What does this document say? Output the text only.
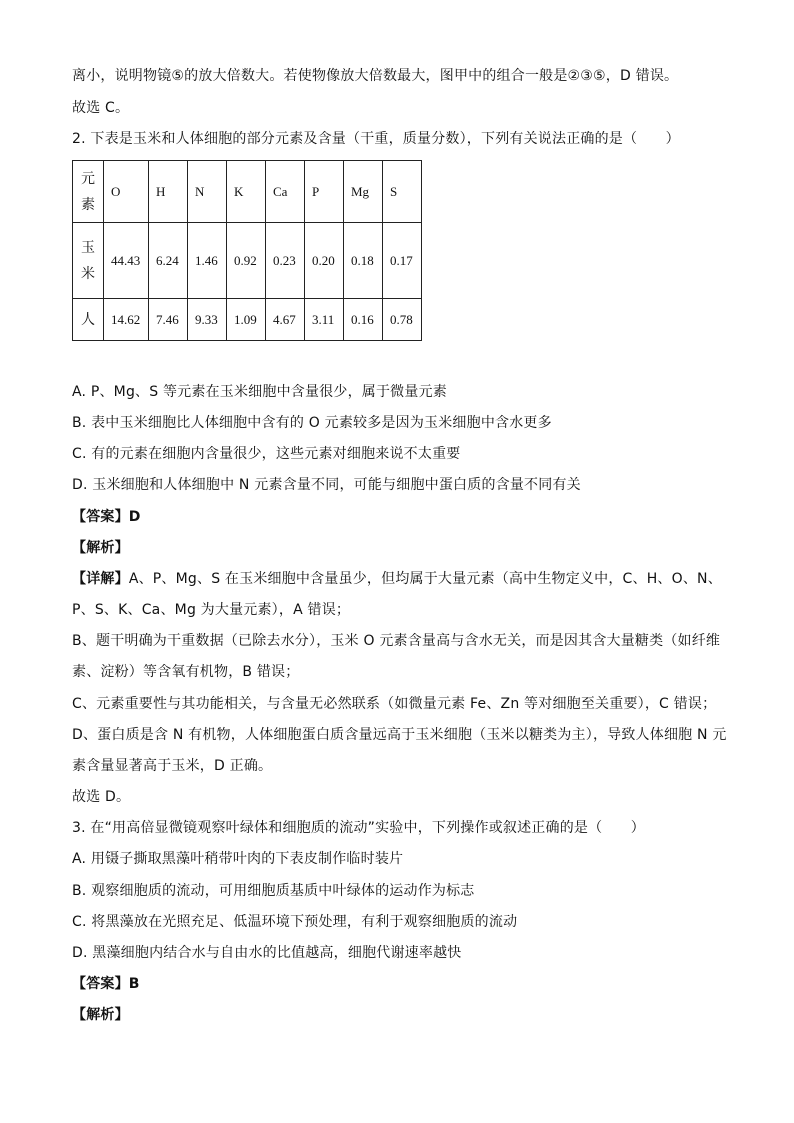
离小，说明物镜⑤的放大倍数大。若使物像放大倍数最大，图甲中的组合一般是②③⑤，D 错误。
故选 C。
2. 下表是玉米和人体细胞的部分元素及含量（干重，质量分数），下列有关说法正确的是（　　）
元
素	O	H	N	K	Ca	P	Mg	S

玉
米	44.43	6.24	1.46	0.92	0.23	0.20	0.18	0.17

人	14.62	7.46	9.33	1.09	4.67	3.11	0.16	0.78
A. P、Mg、S 等元素在玉米细胞中含量很少，属于微量元素
B. 表中玉米细胞比人体细胞中含有的 O 元素较多是因为玉米细胞中含水更多
C. 有的元素在细胞内含量很少，这些元素对细胞来说不太重要
D. 玉米细胞和人体细胞中 N 元素含量不同，可能与细胞中蛋白质的含量不同有关
【答案】D
【解析】
【详解】A、P、Mg、S 在玉米细胞中含量虽少，但均属于大量元素（高中生物定义中，C、H、O、N、
P、S、K、Ca、Mg 为大量元素），A 错误；
B、题干明确为干重数据（已除去水分），玉米 O 元素含量高与含水无关，而是因其含大量糖类（如纤维
素、淀粉）等含氧有机物，B 错误；
C、元素重要性与其功能相关，与含量无必然联系（如微量元素 Fe、Zn 等对细胞至关重要），C 错误；
D、蛋白质是含 N 有机物，人体细胞蛋白质含量远高于玉米细胞（玉米以糖类为主），导致人体细胞 N 元
素含量显著高于玉米，D 正确。
故选 D。
3. 在“用高倍显微镜观察叶绿体和细胞质的流动”实验中，下列操作或叙述正确的是（　　）
A. 用镊子撕取黑藻叶稍带叶肉的下表皮制作临时装片
B. 观察细胞质的流动，可用细胞质基质中叶绿体的运动作为标志
C. 将黑藻放在光照充足、低温环境下预处理，有利于观察细胞质的流动
D. 黑藻细胞内结合水与自由水的比值越高，细胞代谢速率越快
【答案】B
【解析】
